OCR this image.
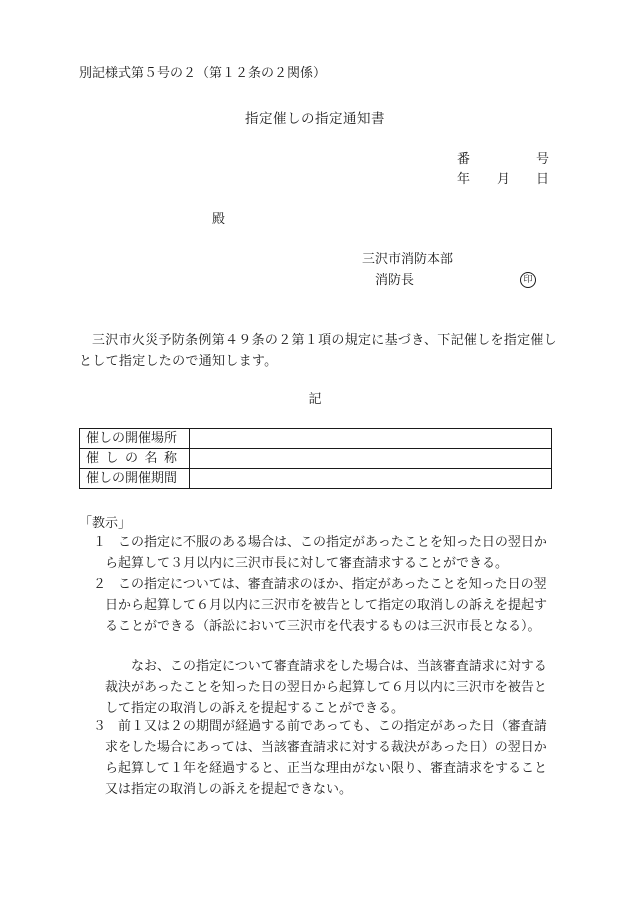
別記様式第５号の２（第１２条の２関係）
指定催しの指定通知書
番	号
年 月 日
殿
三沢市消防本部
消防長	印
三沢市火災予防条例第４９条の２第１項の規定に基づき、下記催しを指定催しとして指定したので通知します。
記
催しの開催場所	
催しの名称	
催しの開催期間	
「教示」
１ この指定に不服のある場合は、この指定があったことを知った日の翌日から起算して３月以内に三沢市長に対して審査請求することができる。
２ この指定については、審査請求のほか、指定があったことを知った日の翌日から起算して６月以内に三沢市を被告として指定の取消しの訴えを提起することができる（訴訟において三沢市を代表するものは三沢市長となる）。
なお、この指定について審査請求をした場合は、当該審査請求に対する裁決があったことを知った日の翌日から起算して６月以内に三沢市を被告として指定の取消しの訴えを提起することができる。
３ 前１又は２の期間が経過する前であっても、この指定があった日（審査請求をした場合にあっては、当該審査請求に対する裁決があった日）の翌日から起算して１年を経過すると、正当な理由がない限り、審査請求をすること又は指定の取消しの訴えを提起できない。
